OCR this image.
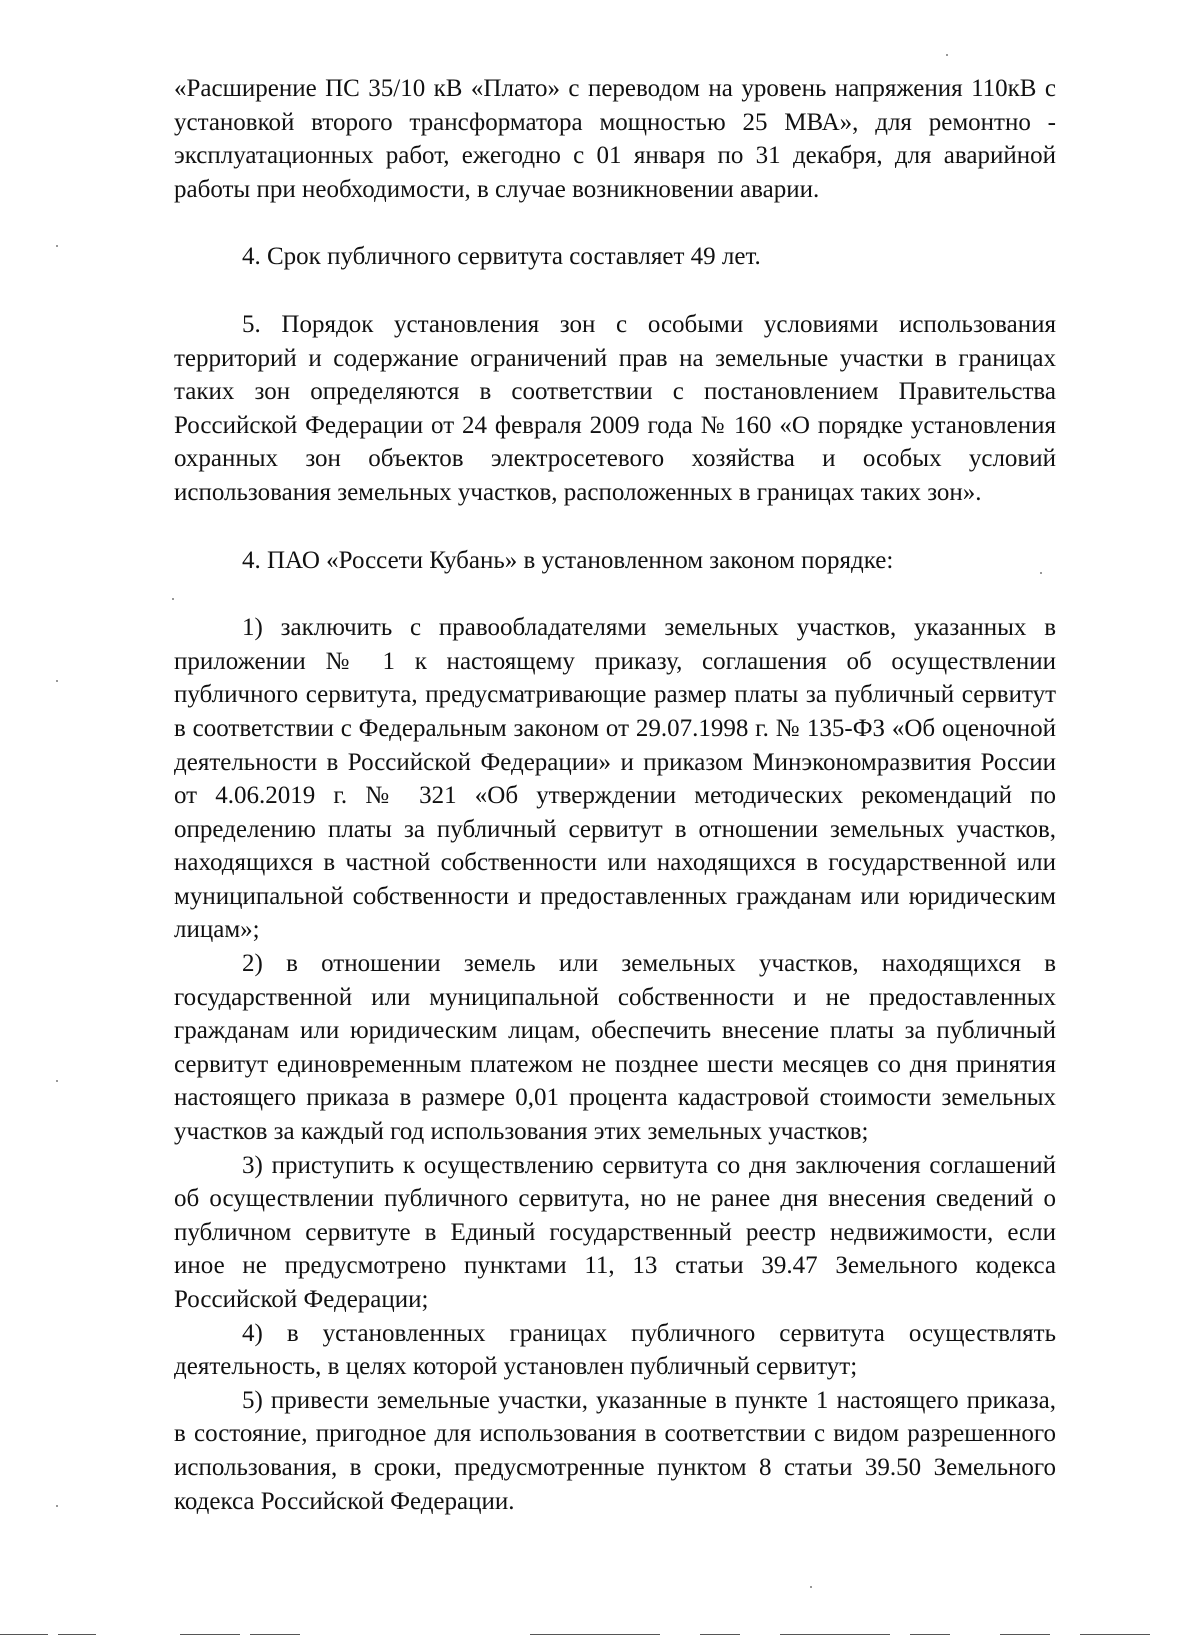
«Расширение ПС 35/10 кВ «Плато» с переводом на уровень напряжения 110кВ с установкой второго трансформатора мощностью 25 МВА», для ремонтно - эксплуатационных работ, ежегодно с 01 января по 31 декабря, для аварийной работы при необходимости, в случае возникновении аварии.

4. Срок публичного сервитута составляет 49 лет.

5. Порядок установления зон с особыми условиями использования территорий и содержание ограничений прав на земельные участки в границах таких зон определяются в соответствии с постановлением Правительства Российской Федерации от 24 февраля 2009 года № 160 «О порядке установления охранных зон объектов электросетевого хозяйства и особых условий использования земельных участков, расположенных в границах таких зон».

4. ПАО «Россети Кубань» в установленном законом порядке:

1) заключить с правообладателями земельных участков, указанных в приложении № 1 к настоящему приказу, соглашения об осуществлении публичного сервитута, предусматривающие размер платы за публичный сервитут в соответствии с Федеральным законом от 29.07.1998 г. № 135-ФЗ «Об оценочной деятельности в Российской Федерации» и приказом Минэкономразвития России от 4.06.2019 г. № 321 «Об утверждении методических рекомендаций по определению платы за публичный сервитут в отношении земельных участков, находящихся в частной собственности или находящихся в государственной или муниципальной собственности и предоставленных гражданам или юридическим лицам»;

2) в отношении земель или земельных участков, находящихся в государственной или муниципальной собственности и не предоставленных гражданам или юридическим лицам, обеспечить внесение платы за публичный сервитут единовременным платежом не позднее шести месяцев со дня принятия настоящего приказа в размере 0,01 процента кадастровой стоимости земельных участков за каждый год использования этих земельных участков;

3) приступить к осуществлению сервитута со дня заключения соглашений об осуществлении публичного сервитута, но не ранее дня внесения сведений о публичном сервитуте в Единый государственный реестр недвижимости, если иное не предусмотрено пунктами 11, 13 статьи 39.47 Земельного кодекса Российской Федерации;

4) в установленных границах публичного сервитута осуществлять деятельность, в целях которой установлен публичный сервитут;

5) привести земельные участки, указанные в пункте 1 настоящего приказа, в состояние, пригодное для использования в соответствии с видом разрешенного использования, в сроки, предусмотренные пунктом 8 статьи 39.50 Земельного кодекса Российской Федерации.
